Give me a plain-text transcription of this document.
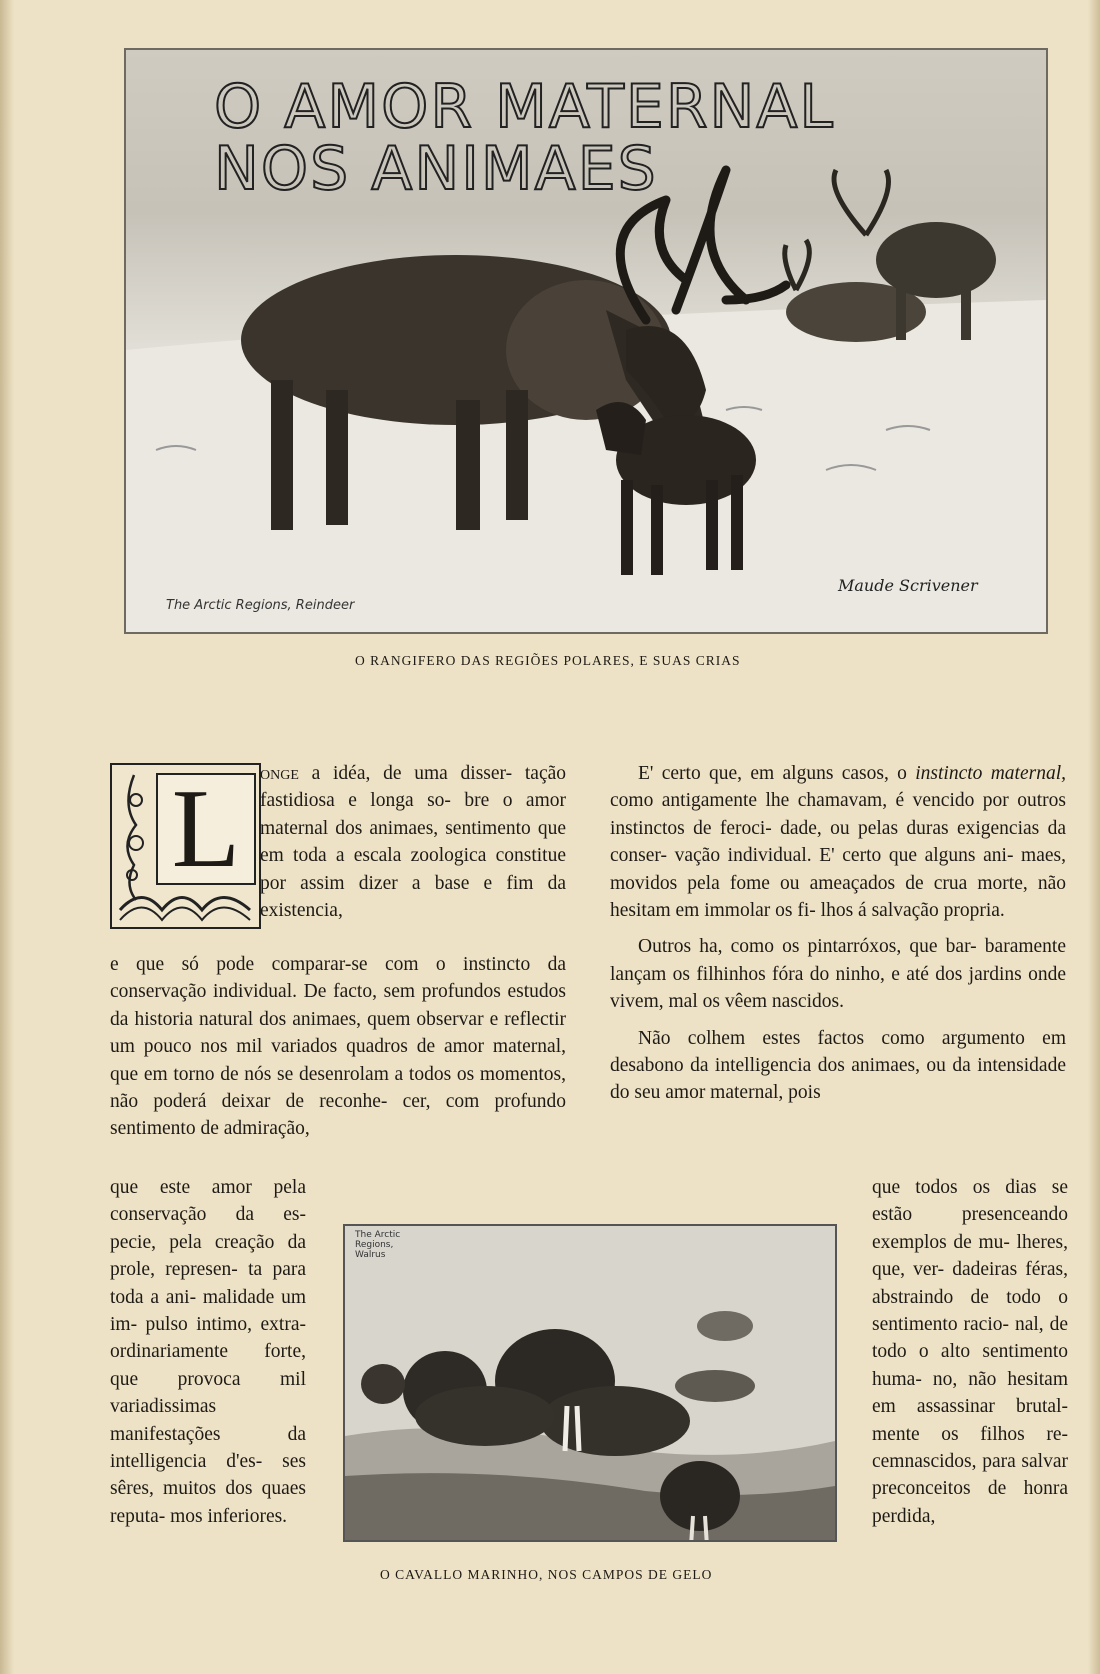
O AMOR MATERNAL
NOS ANIMAES
The Arctic Regions, Reindeer
Maude Scrivener
O RANGIFERO DAS REGIÕES POLARES, E SUAS CRIAS
L	onge a idéa, de uma disser- tação fastidiosa e longa so- bre o amor maternal dos animaes, sentimento que em toda a escala zoologica constitue por assim dizer a base e fim da existencia,

e que só pode comparar-se com o instincto da conservação individual. De facto, sem profundos estudos da historia natural dos animaes, quem observar e reflectir um pouco nos mil variados quadros de amor maternal, que em torno de nós se desenrolam a todos os momentos, não poderá deixar de reconhe- cer, com profundo sentimento de admiração,

que este amor pela conservação da es- pecie, pela creação da prole, represen- ta para toda a ani- malidade um im- pulso intimo, extra- ordinariamente forte, que provoca mil variadissimas manifestações da intelligencia d'es- ses sêres, muitos dos quaes reputa- mos inferiores.

E' certo que, em alguns casos, o instincto maternal, como antigamente lhe chamavam, é vencido por outros instinctos de feroci- dade, ou pelas duras exigencias da conser- vação individual. E' certo que alguns ani- maes, movidos pela fome ou ameaçados de crua morte, não hesitam em immolar os fi- lhos á salvação propria.

Outros ha, como os pintarróxos, que bar- baramente lançam os filhinhos fóra do ninho, e até dos jardins onde vivem, mal os vêem nascidos.

Não colhem estes factos como argumento em desabono da intelligencia dos animaes, ou da intensidade do seu amor maternal, pois

que todos os dias se estão presenceando exemplos de mu- lheres, que, ver- dadeiras féras, abstraindo de todo o sentimento racio- nal, de todo o alto sentimento huma- no, não hesitam em assassinar brutal- mente os filhos re- cemnascidos, para salvar preconceitos de honra perdida,

The Arctic Regions, Walrus
O CAVALLO MARINHO, NOS CAMPOS DE GELO
